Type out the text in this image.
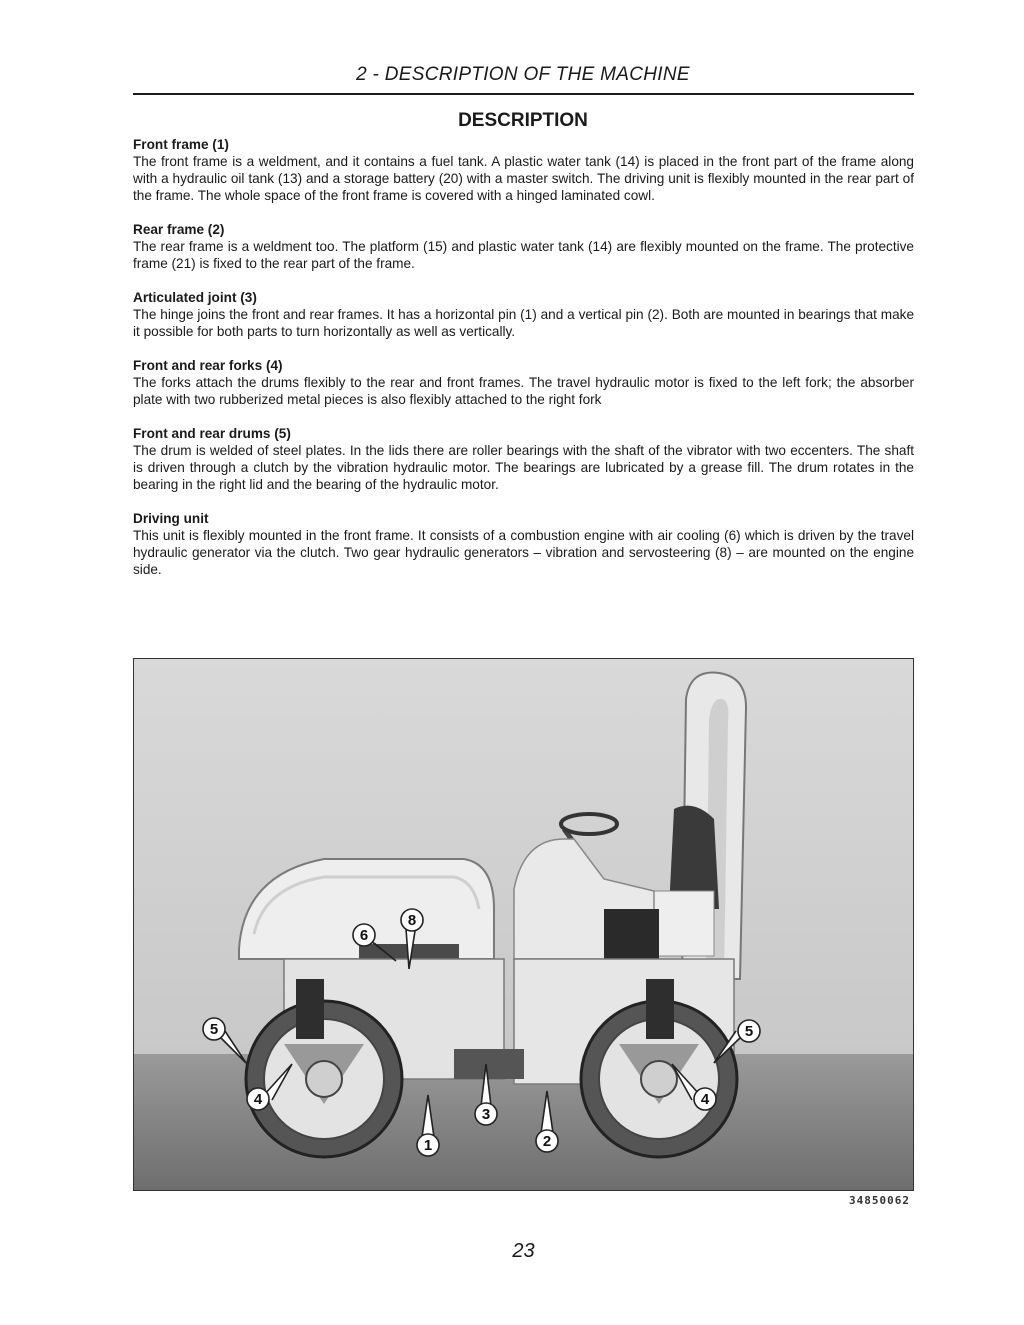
2 - DESCRIPTION OF THE MACHINE
DESCRIPTION
Front frame (1)

The front frame is a weldment, and it contains a fuel tank. A plastic water tank (14) is placed in the front part of the frame along with a hydraulic oil tank (13) and a storage battery (20) with a master switch. The driving unit is flexibly mounted in the rear part of the frame. The whole space of the front frame is covered with a hinged laminated cowl.

Rear frame (2)

The rear frame is a weldment too. The platform (15) and plastic water tank (14) are flexibly mounted on the frame. The protective frame (21) is fixed to the rear part of the frame.

Articulated joint (3)

The hinge joins the front and rear frames. It has a horizontal pin (1) and a vertical pin (2). Both are mounted in bearings that make it possible for both parts to turn horizontally as well as vertically.

Front and rear forks (4)

The forks attach the drums flexibly to the rear and front frames. The travel hydraulic motor is fixed to the left fork; the absorber plate with two rubberized metal pieces is also flexibly attached to the right fork

Front and rear drums (5)

The drum is welded of steel plates. In the lids there are roller bearings with the shaft of the vibrator with two eccenters. The shaft is driven through a clutch by the vibration hydraulic motor. The bearings are lubricated by a grease fill. The drum rotates in the bearing in the right lid and the bearing of the hydraulic motor.

Driving unit

This unit is flexibly mounted in the front frame. It consists of a combustion engine with air cooling (6) which is driven by the travel hydraulic generator via the clutch. Two gear hydraulic generators – vibration and servosteering (8) – are mounted on the engine side.

6
8
5	5
4	4
3
1	2
34850062
23
